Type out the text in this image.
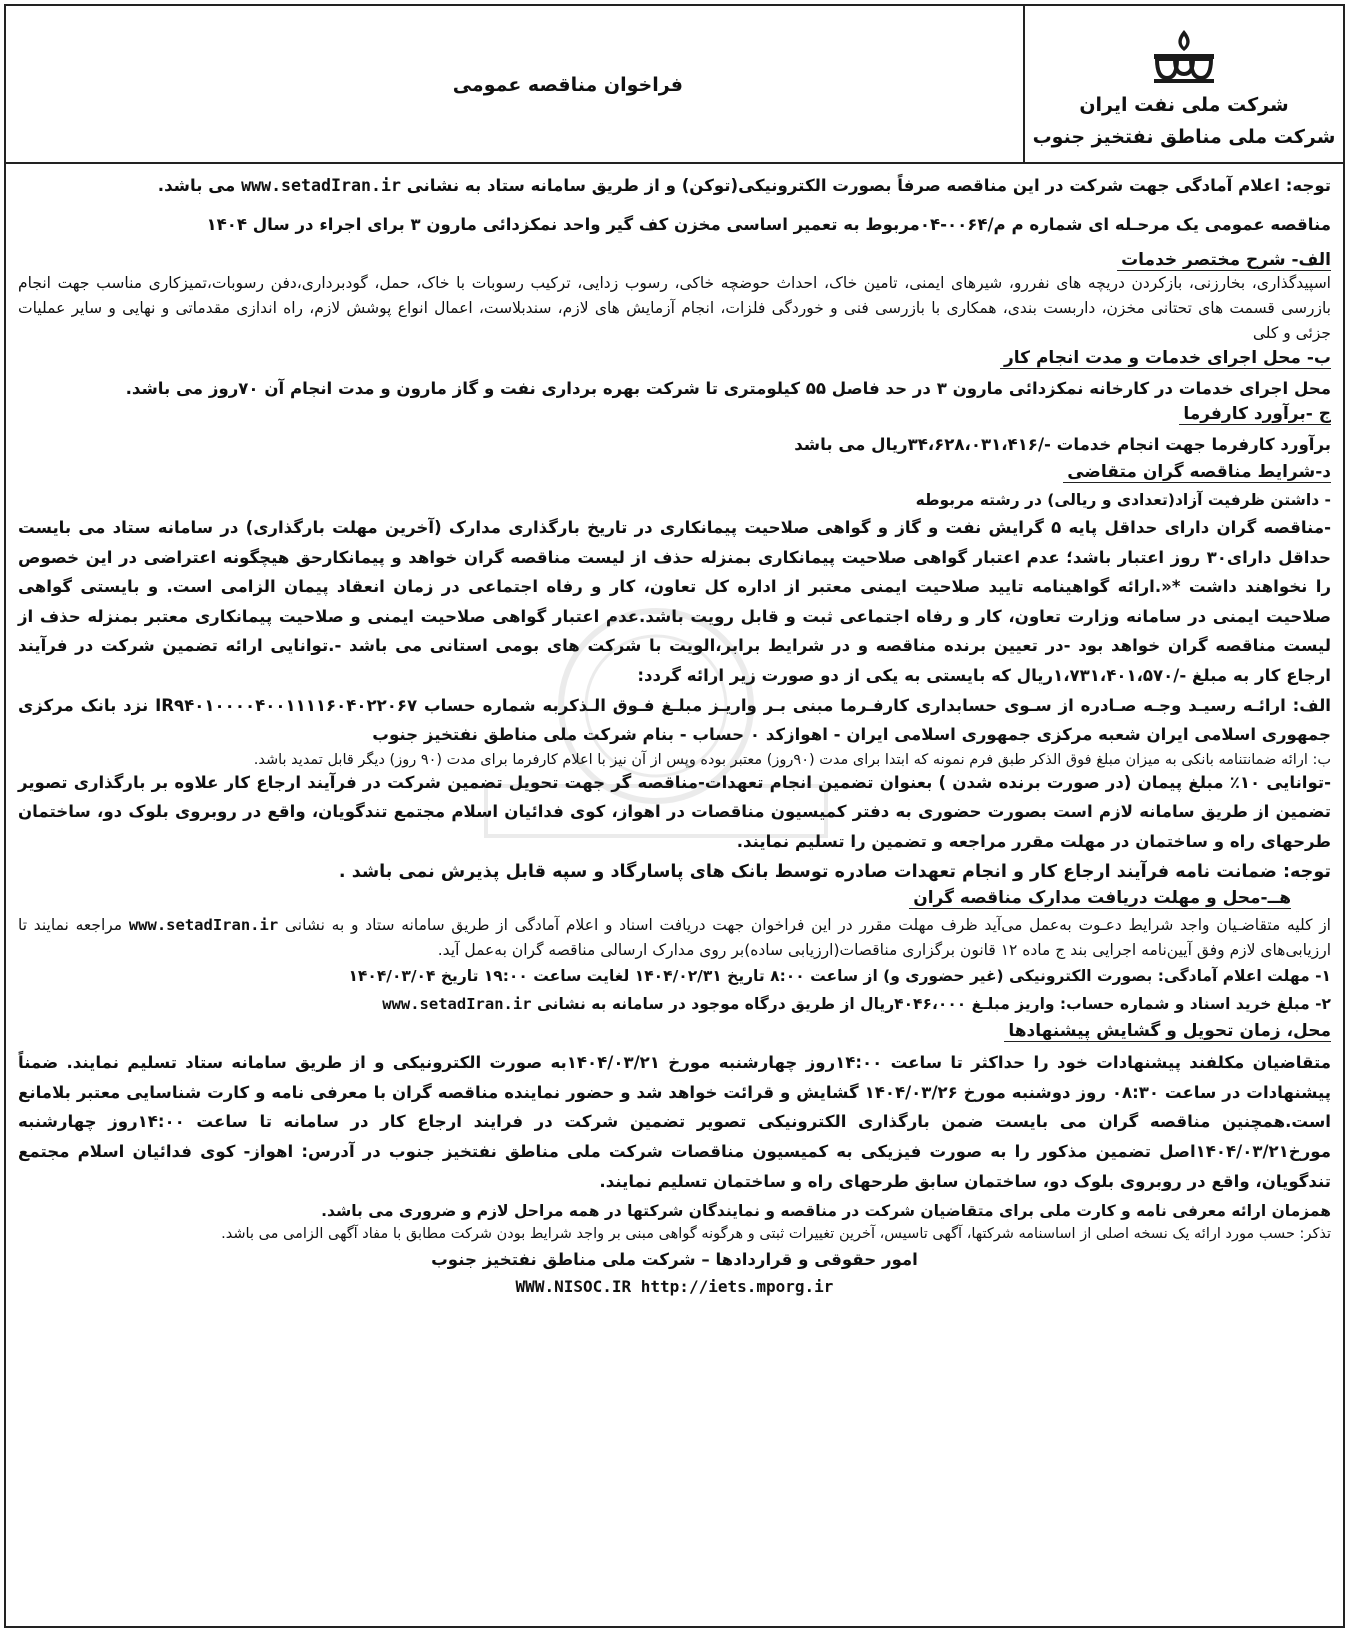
شرکت ملی نفت ایران
شرکت ملی مناطق نفتخیز جنوب
فراخوان مناقصه عمومی

توجه: اعلام آمادگی جهت شرکت در این مناقصه صرفاً بصورت الکترونیکی(توکن) و از طریق سامانه ستاد به نشانی www.setadIran.ir می باشد.

مناقصه عمومی یک مرحـله ای شماره م م/۰۰۶۴-۰۴مربوط به تعمیر اساسی مخزن کف گیر واحد نمکزدائی مارون ۳ برای اجراء در سال ۱۴۰۴

الف- شرح مختصر خدمات

اسپیدگذاری، بخارزنی، بازکردن دریچه های نفررو، شیرهای ایمنی، تامین خاک، احداث حوضچه خاکی، رسوب زدایی، ترکیب رسوبات با خاک، حمل، گودبرداری،دفن رسوبات،تمیزکاری مناسب جهت انجام بازرسی قسمت های تحتانی مخزن، داربست بندی، همکاری با بازرسی فنی و خوردگی فلزات، انجام آزمایش های لازم، سندبلاست، اعمال انواع پوشش لازم، راه اندازی مقدماتی و نهایی و سایر عملیات جزئی و کلی

ب- محل اجرای خدمات و مدت انجام کار

محل اجرای خدمات در کارخانه نمکزدائی مارون ۳ در حد فاصل ۵۵ کیلومتری تا شرکت بهره برداری نفت و گاز مارون و مدت انجام آن ۷۰روز می باشد.

ج -برآورد کارفرما

برآورد کارفرما جهت انجام خدمات -/۳۴،۶۲۸،۰۳۱،۴۱۶ریال می باشد

د-شرایط مناقصه گران متقاضی

- داشتن ظرفیت آزاد(تعدادی و ریالی) در رشته مربوطه

-مناقصه گران دارای حداقل پایه ۵ گرایش نفت و گاز و گواهی صلاحیت پیمانکاری در تاریخ بارگذاری مدارک (آخرین مهلت بارگذاری) در سامانه ستاد می بایست حداقل دارای۳۰ روز اعتبار باشد؛ عدم اعتبار گواهی صلاحیت پیمانکاری بمنزله حذف از لیست مناقصه گران خواهد و پیمانکارحق هیچگونه اعتراضی در این خصوص را نخواهند داشت *«.ارائه گواهینامه تایید صلاحیت ایمنی معتبر از اداره کل تعاون، کار و رفاه اجتماعی در زمان انعقاد پیمان الزامی است. و بایستی گواهی صلاحیت ایمنی در سامانه وزارت تعاون، کار و رفاه اجتماعی ثبت و قابل رویت باشد.عدم اعتبار گواهی صلاحیت ایمنی و صلاحیت پیمانکاری معتبر بمنزله حذف از لیست مناقصه گران خواهد بود -در تعیین برنده مناقصه و در شرایط برابر،الویت با شرکت های بومی استانی می باشد -.توانایی ارائه تضمین شرکت در فرآیند ارجاع کار به مبلغ -/۱،۷۳۱،۴۰۱،۵۷۰ریال که بایستی به یکی از دو صورت زیر ارائه گردد:

الف: ارائـه رسیـد وجـه صـادره از سـوی حسابداری کارفـرما مبنی بـر واریـز مبلـغ فـوق الـذکربه شماره حساب IR۹۴۰۱۰۰۰۰۴۰۰۱۱۱۱۶۰۴۰۲۲۰۶۷ نزد بانک مرکزی جمهوری اسلامی ایران شعبه مرکزی جمهوری اسلامی ایران - اهوازکد ۰ حساب - بنام شرکت ملی مناطق نفتخیز جنوب

ب: ارائه ضمانتنامه بانکی به میزان مبلغ فوق الذکر طبق فرم نمونه که ابتدا برای مدت (۹۰روز) معتبر بوده وپس از آن نیز با اعلام کارفرما برای مدت (۹۰ روز) دیگر قابل تمدید باشد.

-توانایی ۱۰٪ مبلغ پیمان (در صورت برنده شدن ) بعنوان تضمین انجام تعهدات-مناقصه گر جهت تحویل تضمین شرکت در فرآیند ارجاع کار علاوه بر بارگذاری تصویر تضمین از طریق سامانه لازم است بصورت حضوری به دفتر کمیسیون مناقصات در اهواز، کوی فدائیان اسلام مجتمع تندگویان، واقع در روبروی بلوک دو، ساختمان طرحهای راه و ساختمان در مهلت مقرر مراجعه و تضمین را تسلیم نمایند.

توجه: ضمانت نامه فرآیند ارجاع کار و انجام تعهدات صادره توسط بانک های پاسارگاد و سپه قابل پذیرش نمی باشد .

هــ-محل و مهلت دریافت مدارک مناقصه گران

از کلیه متقاضـیان واجد شرایط دعـوت به‌عمل می‌آید ظرف مهلت مقرر در این فراخوان جهت دریافت اسناد و اعلام آمادگی از طریق سامانه ستاد و به نشانی www.setadIran.ir مراجعه نمایند تا ارزیابی‌های لازم وفق آیین‌نامه اجرایی بند ج ماده ۱۲ قانون برگزاری مناقصات(ارزیابی ساده)بر روی مدارک ارسالی مناقصه گران به‌عمل آید.

۱- مهلت اعلام آمادگی: بصورت الکترونیکی (غیر حضوری و) از ساعت ۸:۰۰ تاریخ ۱۴۰۴/۰۲/۳۱ لغایت ساعت ۱۹:۰۰ تاریخ ۱۴۰۴/۰۳/۰۴

۲- مبلغ خرید اسناد و شماره حساب: واریز مبلـغ ۴۰۴۶،۰۰۰ریال از طریق درگاه موجود در سامانه به نشانی www.setadIran.ir

محل، زمان تحویل و گشایش پیشنهادها

متقاضیان مکلفند پیشنهادات خود را حداکثر تا ساعت ۱۴:۰۰روز چهارشنبه مورخ ۱۴۰۴/۰۳/۲۱به صورت الکترونیکی و از طریق سامانه ستاد تسلیم نمایند. ضمناً پیشنهادات در ساعت ۰۸:۳۰ روز دوشنبه مورخ ۱۴۰۴/۰۳/۲۶ گشایش و قرائت خواهد شد و حضور نماینده مناقصه گران با معرفی نامه و کارت شناسایی معتبر بلامانع است.همچنین مناقصه گران می بایست ضمن بارگذاری الکترونیکی تصویر تضمین شرکت در فرایند ارجاع کار در سامانه تا ساعت ۱۴:۰۰روز چهارشنبه مورخ۱۴۰۴/۰۳/۲۱اصل تضمین مذکور را به صورت فیزیکی به کمیسیون مناقصات شرکت ملی مناطق نفتخیز جنوب در آدرس: اهواز- کوی فدائیان اسلام مجتمع تندگویان، واقع در روبروی بلوک دو، ساختمان سابق طرحهای راه و ساختمان تسلیم نمایند.

همزمان ارائه معرفی نامه و کارت ملی برای متقاضیان شرکت در مناقصه و نمایندگان شرکتها در همه مراحل لازم و ضروری می باشد.

تذکر: حسب مورد ارائه یک نسخه اصلی از اساسنامه شرکتها، آگهی تاسیس، آخرین تغییرات ثبتی و هرگونه گواهی مبنی بر واجد شرایط بودن شرکت مطابق با مفاد آگهی الزامی می باشد.

امور حقوقی و قراردادها – شرکت ملی مناطق نفتخیز جنوب

WWW.NISOC.IR http://iets.mporg.ir
